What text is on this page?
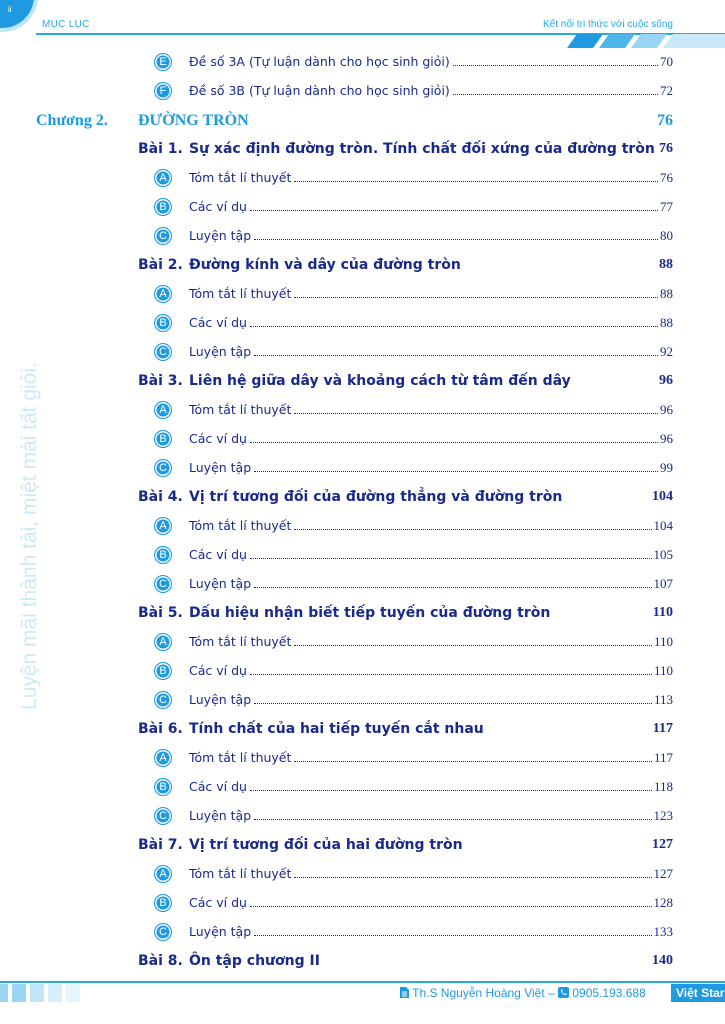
ii
MỤC LỤC	Kết nối tri thức với cuộc sống
Luyện mãi thành tài, miệt mài tất giỏi.
E	Đề số 3A (Tự luận dành cho học sinh giỏi)	70
F	Đề số 3B (Tự luận dành cho học sinh giỏi)	72
Chương 2. ĐƯỜNG TRÒN	76
Bài 1. Sự xác định đường tròn. Tính chất đối xứng của đường tròn 76
A	Tóm tắt lí thuyết	76
B	Các ví dụ	77
C	Luyện tập	80
Bài 2. Đường kính và dây của đường tròn	88
A	Tóm tắt lí thuyết	88
B	Các ví dụ	88
C	Luyện tập	92
Bài 3. Liên hệ giữa dây và khoảng cách từ tâm đến dây	96
A	Tóm tắt lí thuyết	96
B	Các ví dụ	96
C	Luyện tập	99
Bài 4. Vị trí tương đối của đường thẳng và đường tròn	104
A	Tóm tắt lí thuyết	104
B	Các ví dụ	105
C	Luyện tập	107
Bài 5. Dấu hiệu nhận biết tiếp tuyến của đường tròn	110
A	Tóm tắt lí thuyết	110
B	Các ví dụ	110
C	Luyện tập	113
Bài 6. Tính chất của hai tiếp tuyến cắt nhau	117
A	Tóm tắt lí thuyết	117
B	Các ví dụ	118
C	Luyện tập	123
Bài 7. Vị trí tương đối của hai đường tròn	127
A	Tóm tắt lí thuyết	127
B	Các ví dụ	128
C	Luyện tập	133
Bài 8. Ôn tập chương II	140
Th.S Nguyễn Hoàng Việt – 0905.193.688	Việt Star
